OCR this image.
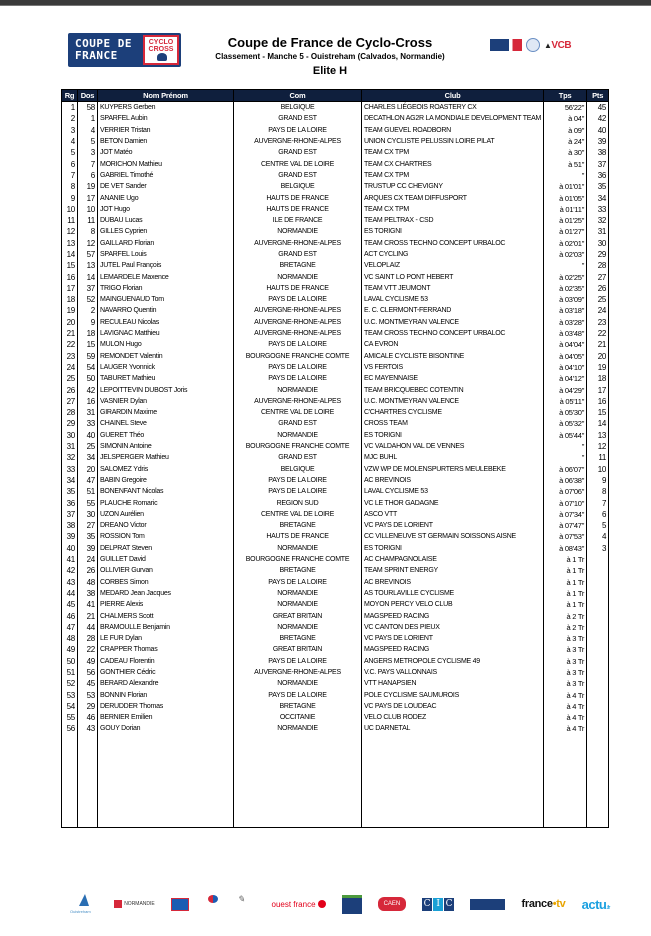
COUPE DE
FRANCE
CYCLO
CROSS	Coupe de France de Cyclo-Cross
Classement - Manche 5 - Ouistreham (Calvados, Normandie)
Elite H
▲VCB
Rg	Dos	Nom Prénom	Com	Club	Tps	Pts
1	58	KUYPERS Gerben	BELGIQUE	CHARLES LIÉGEOIS ROASTERY CX	56'22"	45
2	1	SPARFEL Aubin	GRAND EST	DECATHLON AG2R LA MONDIALE DEVELOPMENT TEAM	à 04"	42
3	4	VERRIER Tristan	PAYS DE LA LOIRE	TEAM GUEVEL ROADBORN	à 09"	40
4	5	BETON Damien	AUVERGNE-RHONE-ALPES	UNION CYCLISTE PELUSSIN LOIRE PILAT	à 24"	39
5	3	JOT Matéo	GRAND EST	TEAM CX TPM	à 30"	38
6	7	MORICHON Mathieu	CENTRE VAL DE LOIRE	TEAM CX CHARTRES	à 51"	37
7	6	GABRIEL Timothé	GRAND EST	TEAM CX TPM	"	36
8	19	DE VET Sander	BELGIQUE	TRUSTUP CC CHEVIGNY	à 01'01"	35
9	17	ANANIE Ugo	HAUTS DE FRANCE	ARQUES CX TEAM DIFFUSPORT	à 01'05"	34
10	10	JOT Hugo	HAUTS DE FRANCE	TEAM CX TPM	à 01'11"	33
11	11	DUBAU Lucas	ILE DE FRANCE	TEAM PELTRAX - CSD	à 01'25"	32
12	8	GILLES Cyprien	NORMANDIE	ES TORIGNI	à 01'27"	31
13	12	GAILLARD Florian	AUVERGNE-RHONE-ALPES	TEAM CROSS TECHNO CONCEPT URBALOC	à 02'01"	30
14	57	SPARFEL Louis	GRAND EST	ACT CYCLING	à 02'03"	29
15	13	JUTEL Paul François	BRETAGNE	VELOPLAIZ	"	28
16	14	LEMARDELE Maxence	NORMANDIE	VC SAINT LO PONT HEBERT	à 02'25"	27
17	37	TRIGO Florian	HAUTS DE FRANCE	TEAM VTT JEUMONT	à 02'35"	26
18	52	MAINGUENAUD Tom	PAYS DE LA LOIRE	LAVAL CYCLISME 53	à 03'09"	25
19	2	NAVARRO Quentin	AUVERGNE-RHONE-ALPES	E. C. CLERMONT-FERRAND	à 03'18"	24
20	9	RECULEAU Nicolas	AUVERGNE-RHONE-ALPES	U.C. MONTMEYRAN VALENCE	à 03'28"	23
21	18	LAVIGNAC Matthieu	AUVERGNE-RHONE-ALPES	TEAM CROSS TECHNO CONCEPT URBALOC	à 03'48"	22
22	15	MULON Hugo	PAYS DE LA LOIRE	CA EVRON	à 04'04"	21
23	59	REMONDET Valentin	BOURGOGNE FRANCHE COMTE	AMICALE CYCLISTE BISONTINE	à 04'05"	20
24	54	LAUGER Yvonnick	PAYS DE LA LOIRE	VS FERTOIS	à 04'10"	19
25	50	TABURET Mathieu	PAYS DE LA LOIRE	EC MAYENNAISE	à 04'12"	18
26	42	LEPOITTEVIN DUBOST Joris	NORMANDIE	TEAM BRICQUEBEC COTENTIN	à 04'29"	17
27	16	VASNIER Dylan	AUVERGNE-RHONE-ALPES	U.C. MONTMEYRAN VALENCE	à 05'11"	16
28	31	GIRARDIN Maxime	CENTRE VAL DE LOIRE	C'CHARTRES CYCLISME	à 05'30"	15
29	33	CHAINEL Steve	GRAND EST	CROSS TEAM	à 05'32"	14
30	40	GUERET Théo	NORMANDIE	ES TORIGNI	à 05'44"	13
31	25	SIMONIN Antoine	BOURGOGNE FRANCHE COMTE	VC VALDAHON VAL DE VENNES	"	12
32	34	JELSPERGER Mathieu	GRAND EST	MJC BUHL	"	11
33	20	SALOMEZ Ydris	BELGIQUE	VZW WP DE MOLENSPURTERS MEULEBEKE	à 06'07"	10
34	47	BABIN Gregoire	PAYS DE LA LOIRE	AC BREVINOIS	à 06'38"	9
35	51	BONENFANT Nicolas	PAYS DE LA LOIRE	LAVAL CYCLISME 53	à 07'06"	8
36	55	PLAUCHE Romaric	REGION SUD	VC LE THOR GADAGNE	à 07'10"	7
37	30	UZON Aurélien	CENTRE VAL DE LOIRE	ASCO VTT	à 07'34"	6
38	27	DREANO Victor	BRETAGNE	VC PAYS DE LORIENT	à 07'47"	5
39	35	ROSSION Tom	HAUTS DE FRANCE	CC VILLENEUVE ST GERMAIN SOISSONS AISNE	à 07'53"	4
40	39	DELPRAT Steven	NORMANDIE	ES TORIGNI	à 08'43"	3
41	24	GUILLET David	BOURGOGNE FRANCHE COMTE	AC CHAMPAGNOLAISE	à 1 Tr	
42	26	OLLIVIER Gurvan	BRETAGNE	TEAM SPRINT ENERGY	à 1 Tr	
43	48	CORBES Simon	PAYS DE LA LOIRE	AC BREVINOIS	à 1 Tr	
44	38	MEDARD Jean Jacques	NORMANDIE	AS TOURLAVILLE CYCLISME	à 1 Tr	
45	41	PIERRE Alexis	NORMANDIE	MOYON PERCY VELO CLUB	à 1 Tr	
46	21	CHALMERS Scott	GREAT BRITAIN	MAGSPEED RACING	à 2 Tr	
47	44	BRAMOULLE Benjamin	NORMANDIE	VC CANTON DES PIEUX	à 2 Tr	
48	28	LE FUR Dylan	BRETAGNE	VC PAYS DE LORIENT	à 3 Tr	
49	22	CRAPPER Thomas	GREAT BRITAIN	MAGSPEED RACING	à 3 Tr	
50	49	CADEAU Florentin	PAYS DE LA LOIRE	ANGERS METROPOLE CYCLISME 49	à 3 Tr	
51	56	GONTHIER Cédric	AUVERGNE-RHONE-ALPES	V.C. PAYS VALLONNAIS	à 3 Tr	
52	45	BERARD Alexandre	NORMANDIE	VTT HANAPSIEN	à 3 Tr	
53	53	BONNIN Florian	PAYS DE LA LOIRE	POLE CYCLISME SAUMUROIS	à 4 Tr	
54	29	DERUDDER Thomas	BRETAGNE	VC PAYS DE LOUDEAC	à 4 Tr	
55	46	BERNIER Emilien	OCCITANIE	VELO CLUB RODEZ	à 4 Tr	
56	43	GOUY Dorian	NORMANDIE	UC DARNETAL	à 4 Tr	

Ouistreham
NORMANDIE	✎	ouest france	CAEN	C I C	france•tv actu.fr
